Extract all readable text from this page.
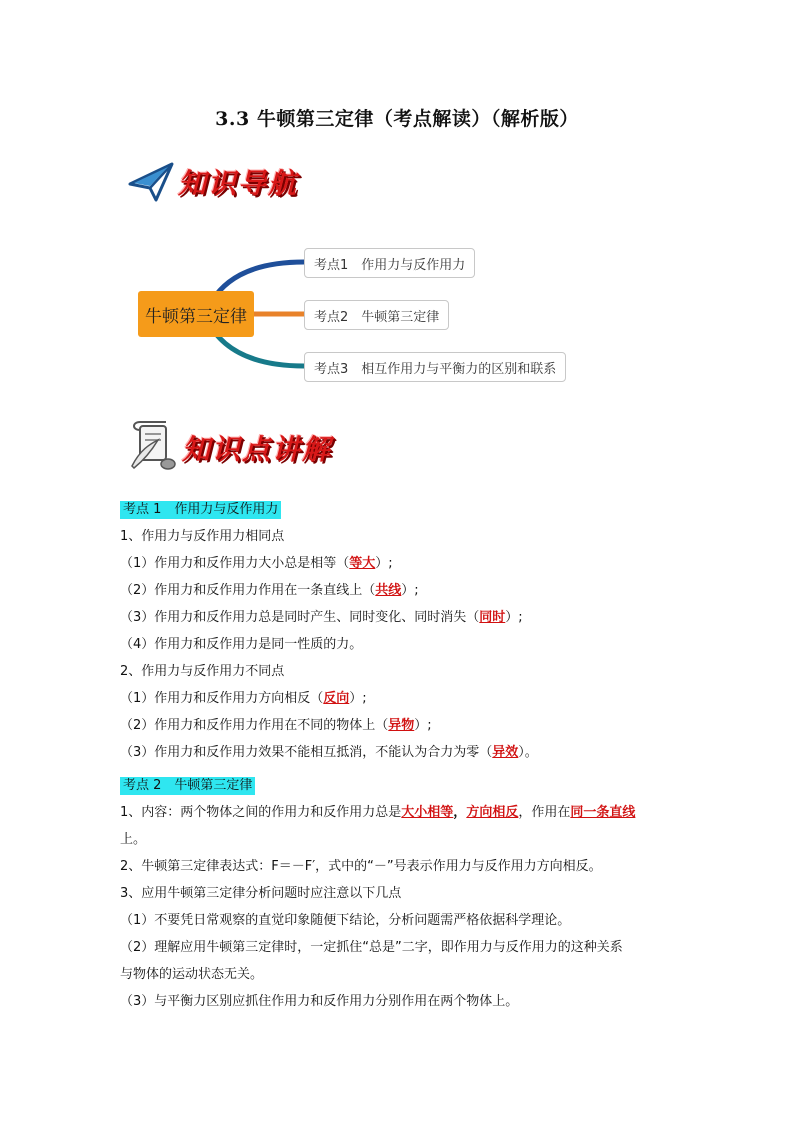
3.3 牛顿第三定律（考点解读）（解析版）
知识导航
牛顿第三定律
考点1　作用力与反作用力
考点2　牛顿第三定律
考点3　相互作用力与平衡力的区别和联系
知识点讲解
考点 1　作用力与反作用力
1、作用力与反作用力相同点
（1）作用力和反作用力大小总是相等（等大）;
（2）作用力和反作用力作用在一条直线上（共线）;
（3）作用力和反作用力总是同时产生、同时变化、同时消失（同时）;
（4）作用力和反作用力是同一性质的力。
2、作用力与反作用力不同点
（1）作用力和反作用力方向相反（反向）;
（2）作用力和反作用力作用在不同的物体上（异物）;
（3）作用力和反作用力效果不能相互抵消，不能认为合力为零（异效）。
考点 2　牛顿第三定律
1、内容：两个物体之间的作用力和反作用力总是大小相等，方向相反，作用在同一条直线
上。
2、牛顿第三定律表达式：F＝－F′，式中的“－”号表示作用力与反作用力方向相反。
3、应用牛顿第三定律分析问题时应注意以下几点
（1）不要凭日常观察的直觉印象随便下结论，分析问题需严格依据科学理论。
（2）理解应用牛顿第三定律时，一定抓住“总是”二字，即作用力与反作用力的这种关系
与物体的运动状态无关。
（3）与平衡力区别应抓住作用力和反作用力分别作用在两个物体上。
